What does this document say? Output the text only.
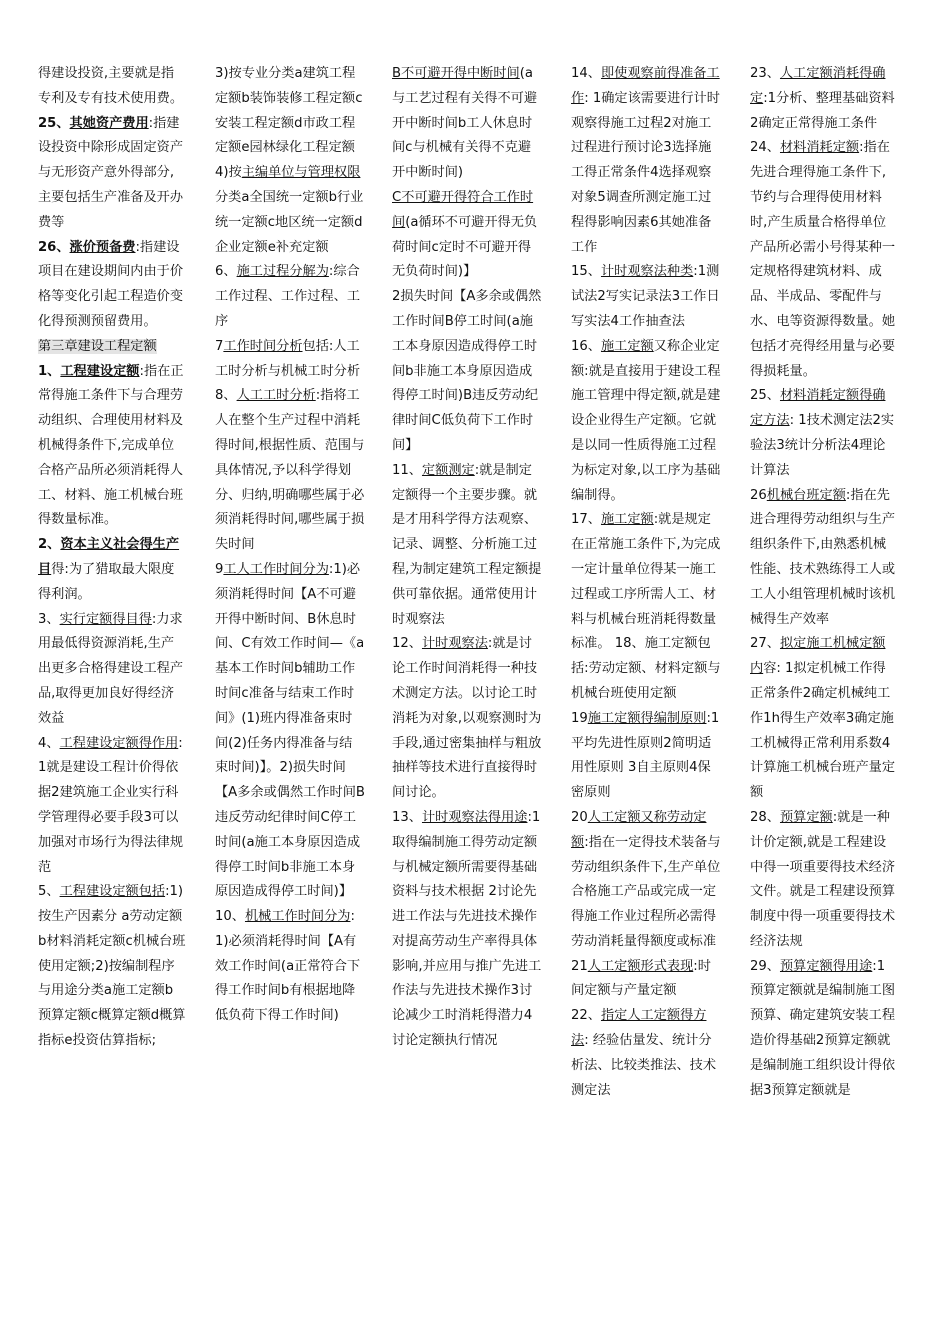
得建设投资,主要就是指专利及专有技术使用费。

25、其她资产费用:指建设投资中除形成固定资产与无形资产意外得部分,主要包括生产准备及开办费等

26、涨价预备费:指建设项目在建设期间内由于价格等变化引起工程造价变化得预测预留费用。

第三章建设工程定额

1、工程建设定额:指在正常得施工条件下与合理劳动组织、合理使用材料及机械得条件下,完成单位合格产品所必须消耗得人工、材料、施工机械台班得数量标准。

2、资本主义社会得生产目得:为了猎取最大限度得利润。

3、实行定额得目得:力求用最低得资源消耗,生产出更多合格得建设工程产品,取得更加良好得经济效益

4、工程建设定额得作用:1就是建设工程计价得依据2建筑施工企业实行科学管理得必要手段3可以加强对市场行为得法律规范

5、工程建设定额包括:1)按生产因素分 a劳动定额b材料消耗定额c机械台班使用定额;2)按编制程序与用途分类a施工定额b预算定额c概算定额d概算指标e投资估算指标;

3)按专业分类a建筑工程定额b装饰装修工程定额c安装工程定额d市政工程定额e园林绿化工程定额

4)按主编单位与管理权限分类a全国统一定额b行业统一定额c地区统一定额d企业定额e补充定额

6、施工过程分解为:综合工作过程、工作过程、工序

7工作时间分析包括:人工工时分析与机械工时分析

8、人工工时分析:指将工人在整个生产过程中消耗得时间,根据性质、范围与具体情况,予以科学得划分、归纳,明确哪些属于必须消耗得时间,哪些属于损失时间

9工人工作时间分为:1)必须消耗得时间【A不可避开得中断时间、B休息时间、C有效工作时间—《a基本工作时间b辅助工作时间c准备与结束工作时间》(1)班内得准备束时间(2)任务内得准备与结束时间)】。2)损失时间【A多余或偶然工作时间B违反劳动纪律时间C停工时间(a施工本身原因造成得停工时间b非施工本身原因造成得停工时间)】

10、机械工作时间分为: 1)必须消耗得时间【A有效工作时间(a正常符合下得工作时间b有根据地降低负荷下得工作时间)

B不可避开得中断时间(a与工艺过程有关得不可避开中断时间b工人休息时间c与机械有关得不克避开中断时间)

C不可避开得符合工作时间(a循环不可避开得无负荷时间c定时不可避开得无负荷时间)】

2损失时间【A多余或偶然工作时间B停工时间(a施工本身原因造成得停工时间b非施工本身原因造成得停工时间)B违反劳动纪律时间C低负荷下工作时间】

11、定额测定:就是制定定额得一个主要步骤。就是才用科学得方法观察、记录、调整、分析施工过程,为制定建筑工程定额提供可靠依据。通常使用计时观察法

12、计时观察法:就是讨论工作时间消耗得一种技术测定方法。以讨论工时消耗为对象,以观察测时为手段,通过密集抽样与粗放抽样等技术进行直接得时间讨论。

13、计时观察法得用途:1取得编制施工得劳动定额与机械定额所需要得基础资料与技术根据 2讨论先进工作法与先进技术操作对提高劳动生产率得具体影响,并应用与推广先进工作法与先进技术操作3讨论减少工时消耗得潜力4讨论定额执行情况

14、即使观察前得准备工作: 1确定该需要进行计时观察得施工过程2对施工过程进行预讨论3选择施工得正常条件4选择观察对象5调查所测定施工过程得影响因素6其她准备工作

15、计时观察法种类:1测试法2写实记录法3工作日写实法4工作抽查法

16、施工定额又称企业定额:就是直接用于建设工程施工管理中得定额,就是建设企业得生产定额。它就是以同一性质得施工过程为标定对象,以工序为基础编制得。

17、施工定额:就是规定在正常施工条件下,为完成一定计量单位得某一施工过程或工序所需人工、材料与机械台班消耗得数量标准。 18、施工定额包括:劳动定额、材料定额与机械台班使用定额

19施工定额得编制原则:1平均先进性原则2简明适用性原则 3自主原则4保密原则

20人工定额又称劳动定额:指在一定得技术装备与劳动组织条件下,生产单位合格施工产品或完成一定得施工作业过程所必需得劳动消耗量得额度或标准

21人工定额形式表现:时间定额与产量定额

22、指定人工定额得方法: 经验估量发、统计分析法、比较类推法、技术测定法

23、人工定额消耗得确定:1分析、整理基础资料2确定正常得施工条件

24、材料消耗定额:指在先进合理得施工条件下,节约与合理得使用材料时,产生质量合格得单位产品所必需小号得某种一定规格得建筑材料、成品、半成品、零配件与水、电等资源得数量。她包括才亮得经用量与必要得损耗量。

25、材料消耗定额得确定方法: 1技术测定法2实验法3统计分析法4理论计算法

26机械台班定额:指在先进合理得劳动组织与生产组织条件下,由熟悉机械性能、技术熟练得工人或工人小组管理机械时该机械得生产效率

27、拟定施工机械定额内容: 1拟定机械工作得正常条件2确定机械纯工作1h得生产效率3确定施工机械得正常利用系数4计算施工机械台班产量定额

28、预算定额:就是一种计价定额,就是工程建设中得一项重要得技术经济文件。就是工程建设预算制度中得一项重要得技术经济法规

29、预算定额得用途:1预算定额就是编制施工图预算、确定建筑安装工程造价得基础2预算定额就是编制施工组织设计得依据3预算定额就是
